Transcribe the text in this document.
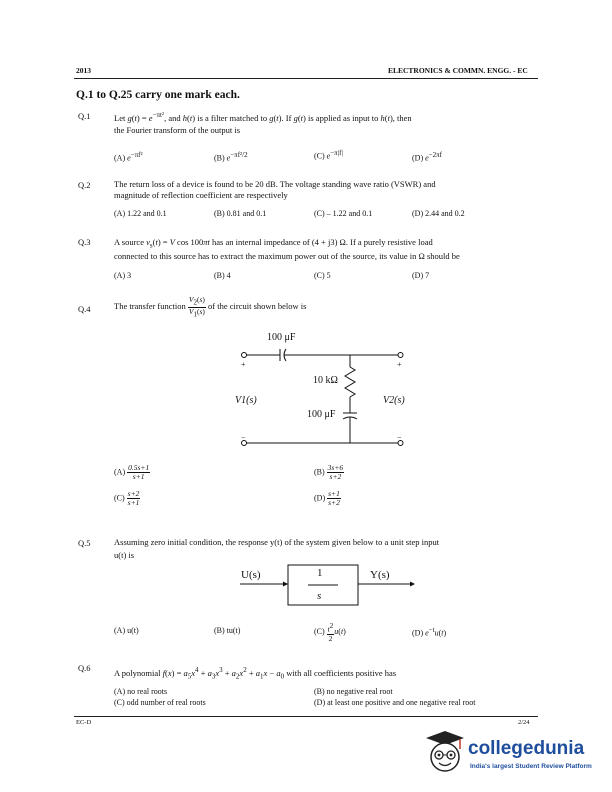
2013	ELECTRONICS & COMMN. ENGG. - EC
Q.1 to Q.25 carry one mark each.
Q.1	Let $g(t) = e^{-\pi t^2}$, and h(t) is a filter matched to g(t). If g(t) is applied as input to h(t), then
the Fourier transform of the output is
(A) $e^{-\pi f^2}$	(B) $e^{-\pi f^2/2}$	(C) $e^{-\pi|f|}$
(D) $e^{-2\pi f}$
Q.2	The return loss of a device is found to be 20 dB. The voltage standing wave ratio (VSWR) and
magnitude of reflection coefficient are respectively
(A) 1.22 and 0.1	(B) 0.81 and 0.1	(C) – 1.22 and 0.1	(D) 2.44 and 0.2
Q.3	A source $v_s(t) = V$ cos 100πt has an internal impedance of (4 + j3) Ω. If a purely resistive load
connected to this source has to extract the maximum power out of the source, its value in Ω should be
(A) 3	(B) 4	(C) 5	(D) 7
Q.4	The transfer function $\frac{V_2(s)}{V_1(s)}$ of the circuit shown below is
+	+
−	−
100 μF
10 kΩ
100 μF
V1(s)	V2(s)
$(A) \frac{0.5s+1}{s+1}$	$(B) \frac{3s+6}{s+2}$
$(C) \frac{s+2}{s+1}$	$(D) \frac{s+1}{s+2}$
Q.5	Assuming zero initial condition, the response y(t) of the system given below to a unit step input
u(t) is
U(s)	1
s
Y(s)
(A) u(t)	(B) tu(t)	$(C) \frac{t^2}{2} u(t)$	(D) $e^{-t}u(t)$
Q.6	A polynomial $f(x) = a_5x^4 + a_3x^3 + a_2x^2 + a_1x - a_0$ with all coefficients positive has
(A) no real roots	(B) no negative real root
(C) odd number of real roots	(D) at least one positive and one negative real root
EC-D	2/24
collegedunia
India's largest Student Review Platform
